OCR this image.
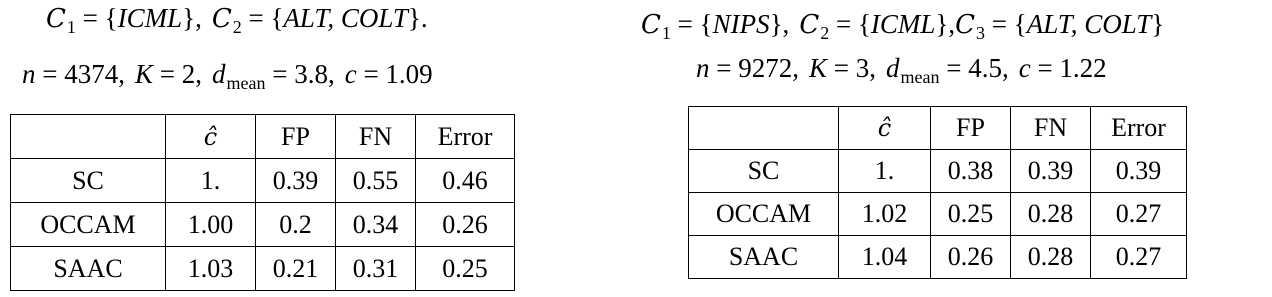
$C_1$ = {ICML}, $C_2 = \{ALT$, COLT}.
n = 4374, K = 2, $d_{mean} = 3.8$, c = 1.09
	ĉ	FP	FN	Error
SC	1.	0.39	0.55	0.46
OCCAM	1.00	0.2	0.34	0.26
SAAC	1.03	0.21	0.31	0.25
$C_1$ = {NIPS}, $C_2$ = $\{ICML\},C_3 = \{ALT$, COLT}
n = 9272, K = 3, $d_{mean} = 4.5$, c = 1.22
	ĉ	FP	FN	Error
SC	1.	0.38	0.39	0.39
OCCAM	1.02	0.25	0.28	0.27
SAAC	1.04	0.26	0.28	0.27
